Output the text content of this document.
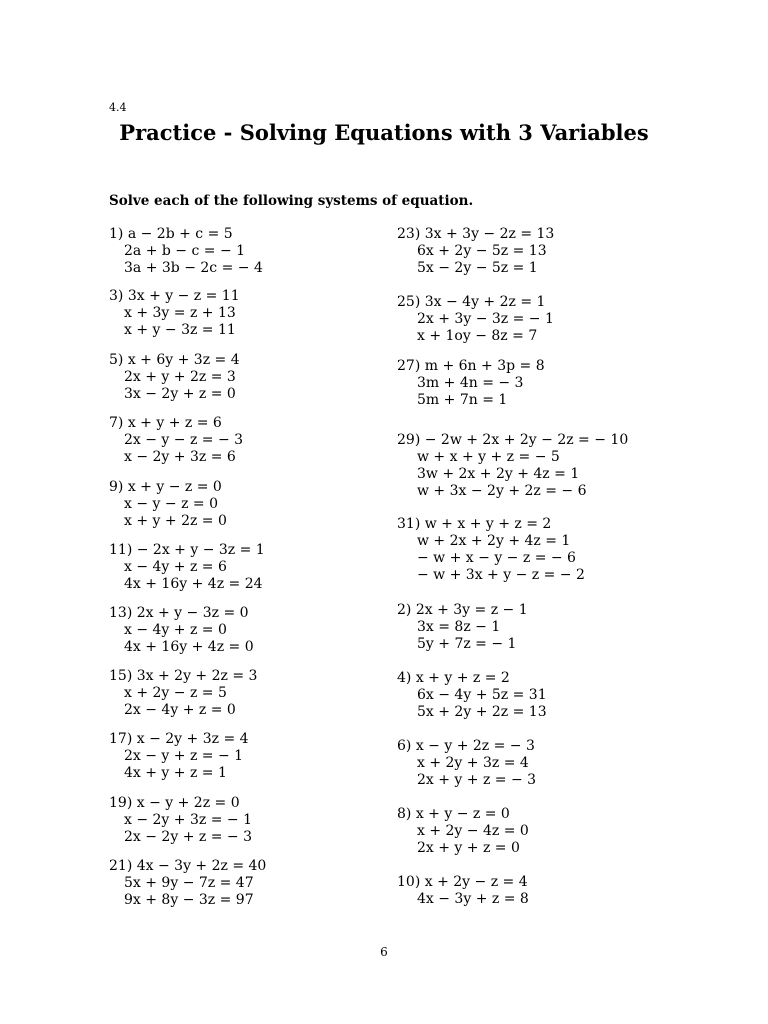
4.4
Practice - Solving Equations with 3 Variables
Solve each of the following systems of equation.
1) a − 2b + c = 5
2a + b − c = − 1
3a + 3b − 2c = − 4
3) 3x + y − z = 11
x + 3y = z + 13
x + y − 3z = 11
5) x + 6y + 3z = 4
2x + y + 2z = 3
3x − 2y + z = 0
7) x + y + z = 6
2x − y − z = − 3
x − 2y + 3z = 6
9) x + y − z = 0
x − y − z = 0
x + y + 2z = 0
11) − 2x + y − 3z = 1
x − 4y + z = 6
4x + 16y + 4z = 24
13) 2x + y − 3z = 0
x − 4y + z = 0
4x + 16y + 4z = 0
15) 3x + 2y + 2z = 3
x + 2y − z = 5
2x − 4y + z = 0
17) x − 2y + 3z = 4
2x − y + z = − 1
4x + y + z = 1
19) x − y + 2z = 0
x − 2y + 3z = − 1
2x − 2y + z = − 3
21) 4x − 3y + 2z = 40
5x + 9y − 7z = 47
9x + 8y − 3z = 97
23) 3x + 3y − 2z = 13
6x + 2y − 5z = 13
5x − 2y − 5z = 1
25) 3x − 4y + 2z = 1
2x + 3y − 3z = − 1
x + 1oy − 8z = 7
27) m + 6n + 3p = 8
3m + 4n = − 3
5m + 7n = 1
29) − 2w + 2x + 2y − 2z = − 10
w + x + y + z = − 5
3w + 2x + 2y + 4z = 1
w + 3x − 2y + 2z = − 6
31) w + x + y + z = 2
w + 2x + 2y + 4z = 1
− w + x − y − z = − 6
− w + 3x + y − z = − 2
2) 2x + 3y = z − 1
3x = 8z − 1
5y + 7z = − 1
4) x + y + z = 2
6x − 4y + 5z = 31
5x + 2y + 2z = 13
6) x − y + 2z = − 3
x + 2y + 3z = 4
2x + y + z = − 3
8) x + y − z = 0
x + 2y − 4z = 0
2x + y + z = 0
10) x + 2y − z = 4
4x − 3y + z = 8
6
